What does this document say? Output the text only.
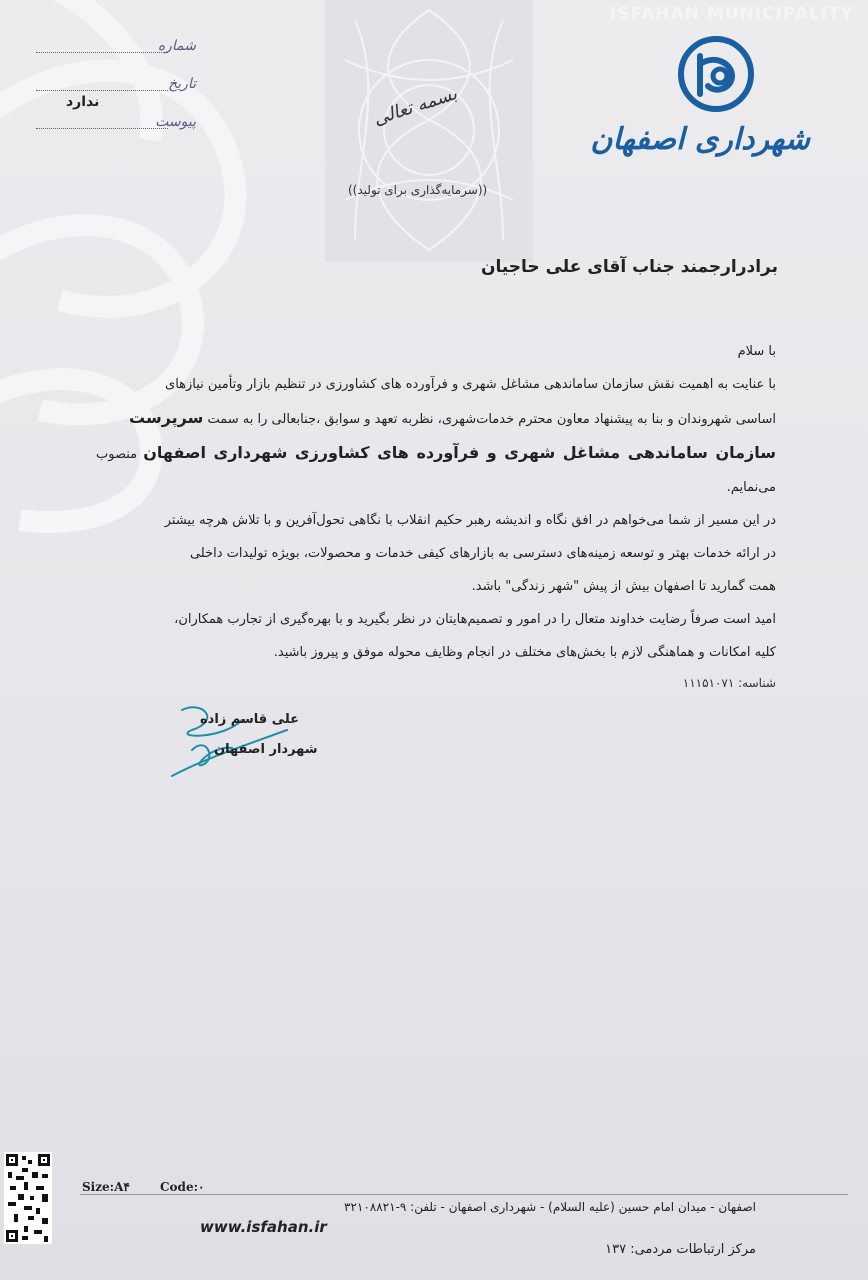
ISFAHAN MUNICIPALITY
شهرداری اصفهان
بسمه تعالی
((سرمایه‌گذاری برای تولید))
شماره
تاریخ
پیوست
ندارد
برادرارجمند جناب آقای علی حاجیان

با سلام

با عنایت به اهمیت نقش سازمان ساماندهی مشاغل شهری و فرآورده های کشاورزی در تنظیم بازار وتأمین نیازهای

اساسی شهروندان و بنا به پیشنهاد معاون محترم خدمات‌شهری، نظربه تعهد و سوابق ،جنابعالی را به سمت سرپرست

سازمان ساماندهی مشاغل شهری و فرآورده های کشاورزی شهرداری اصفهان منصوب می‌نمایم.

در این مسیر از شما می‌خواهم در افق نگاه و اندیشه رهبر حکیم انقلاب با نگاهی تحول‌آفرین و با تلاش هرچه بیشتر

در ارائه خدمات بهتر و توسعه زمینه‌های دسترسی به بازارهای کیفی خدمات و محصولات، بویژه تولیدات داخلی

همت گمارید تا اصفهان بیش از پیش "شهر زندگی" باشد.

امید است صرفاً رضایت خداوند متعال را در امور و تصمیم‌هایتان در نظر بگیرید و با بهره‌گیری از تجارب همکاران،

کلیه امکانات و هماهنگی لازم با بخش‌های مختلف در انجام وظایف محوله موفق و پیروز باشید.

شناسه: ۱۱۱۵۱۰۷۱
علی قاسم زاده
شهردار اصفهان
Size:A۴	Code:۰
اصفهان - میدان امام حسین (علیه السلام) - شهرداری اصفهان - تلفن: ۹-۳۲۱۰۸۸۲۱
مرکز ارتباطات مردمی: ۱۳۷
www.isfahan.ir
